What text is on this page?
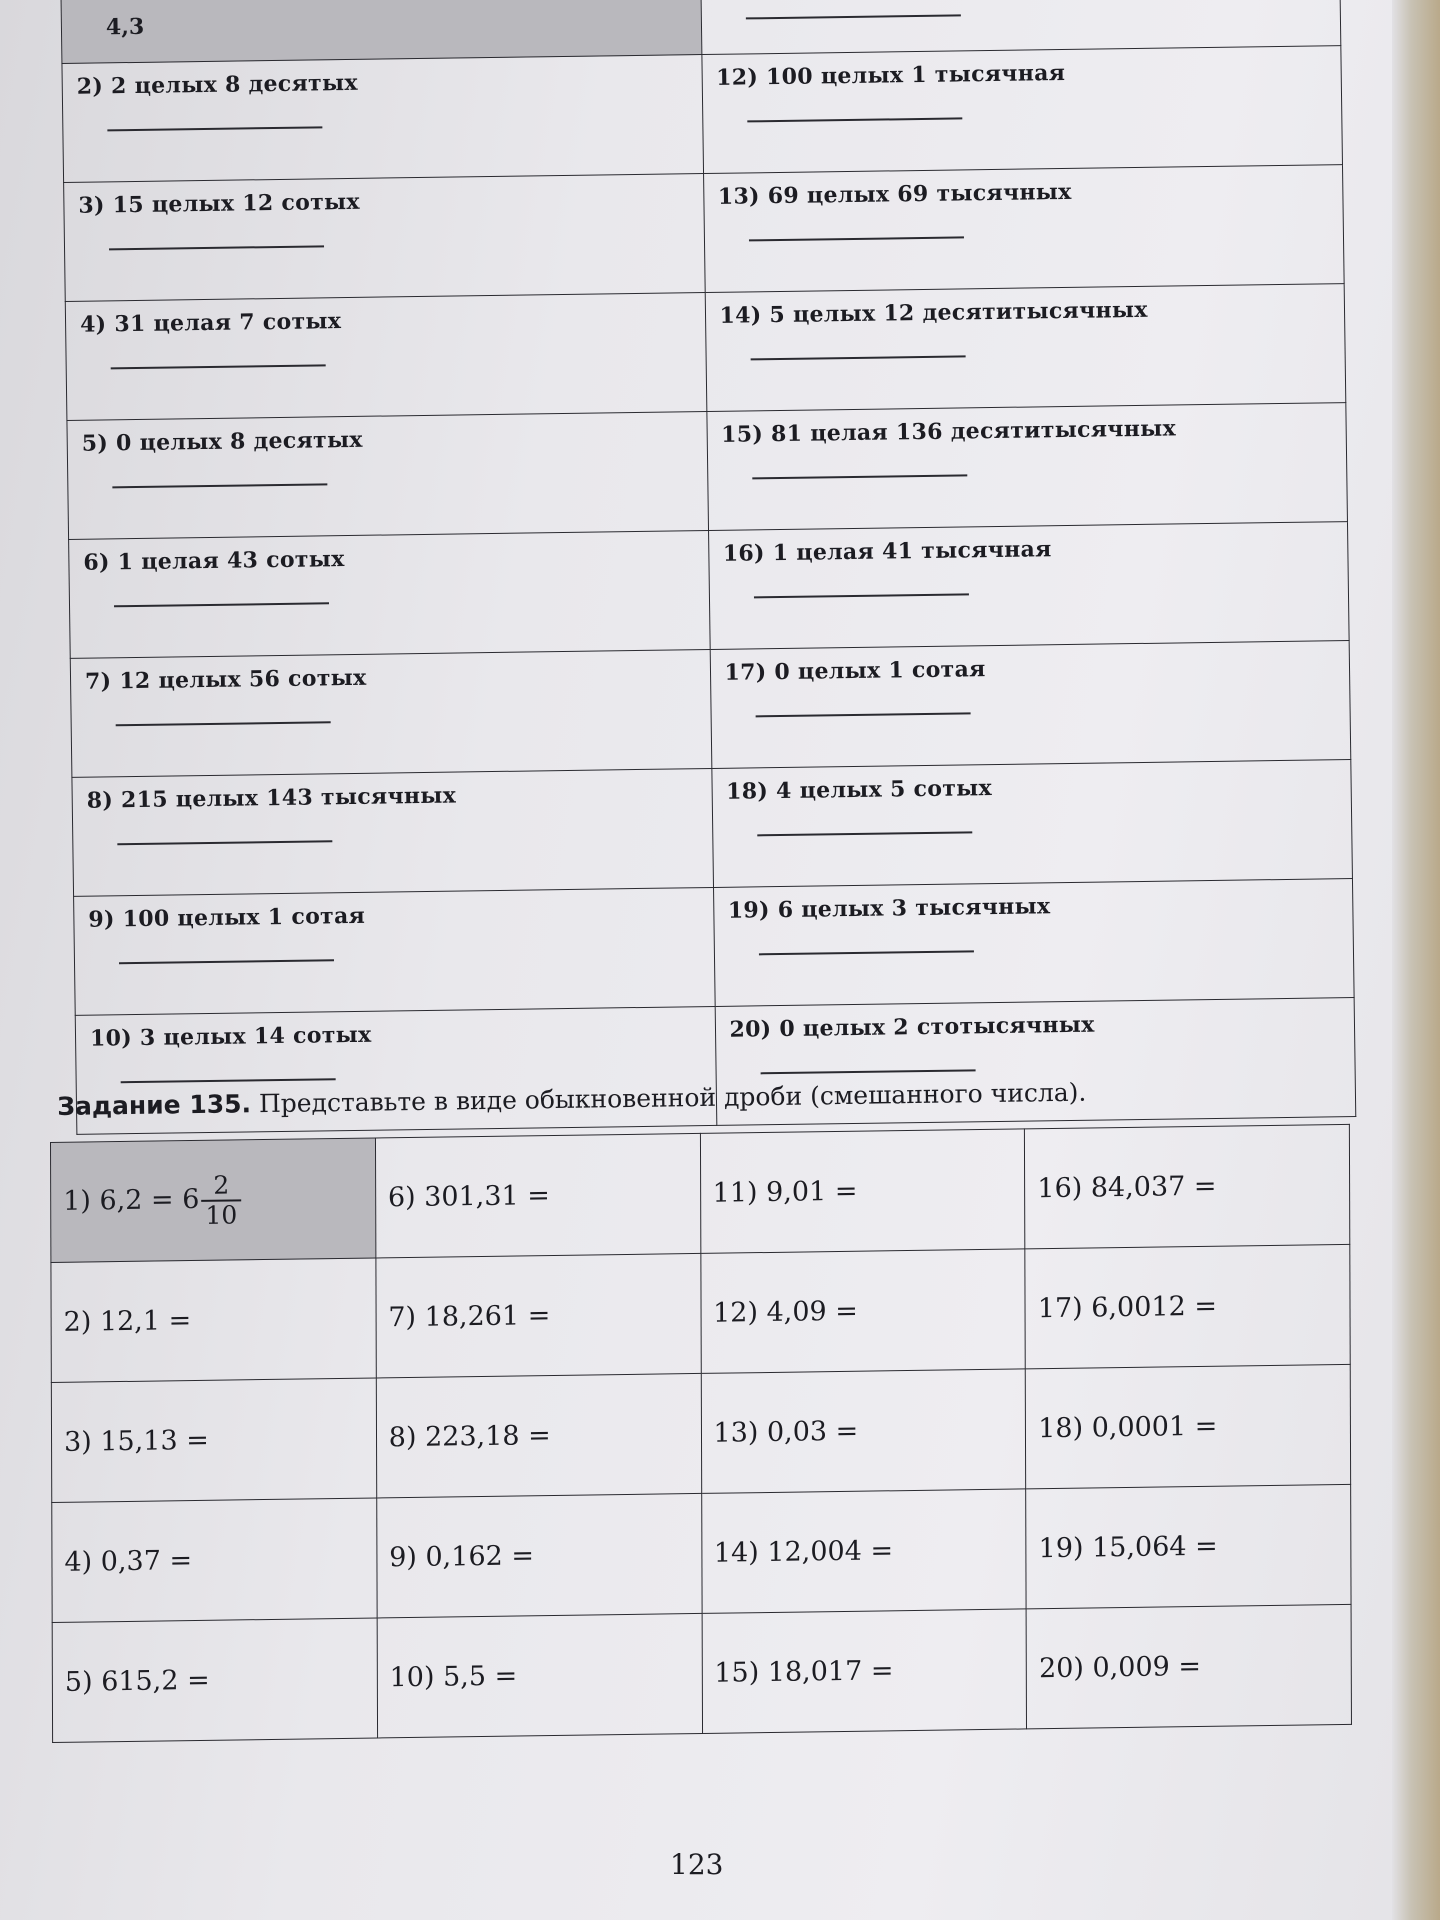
4,3

2) 2 целых 8 десятых	12) 100 целых 1 тысячная

3) 15 целых 12 сотых	13) 69 целых 69 тысячных

4) 31 целая 7 сотых	14) 5 целых 12 десятитысячных

5) 0 целых 8 десятых	15) 81 целая 136 десятитысячных

6) 1 целая 43 сотых	16) 1 целая 41 тысячная

7) 12 целых 56 сотых	17) 0 целых 1 сотая

8) 215 целых 143 тысячных	18) 4 целых 5 сотых

9) 100 целых 1 сотая	19) 6 целых 3 тысячных

10) 3 целых 14 сотых	20) 0 целых 2 стотысячных
Задание 135. Представьте в виде обыкновенной дроби (смешанного числа).
1) $6,2 = 6 \frac{2}{10}$	6) 301,31 =	11) 9,01 =	16) 84,037 =
2) 12,1 =	7) 18,261 =	12) 4,09 =	17) 6,0012 =
3) 15,13 =	8) 223,18 =	13) 0,03 =	18) 0,0001 =
4) 0,37 =	9) 0,162 =	14) 12,004 =	19) 15,064 =
5) 615,2 =	10) 5,5 =	15) 18,017 =	20) 0,009 =
123
